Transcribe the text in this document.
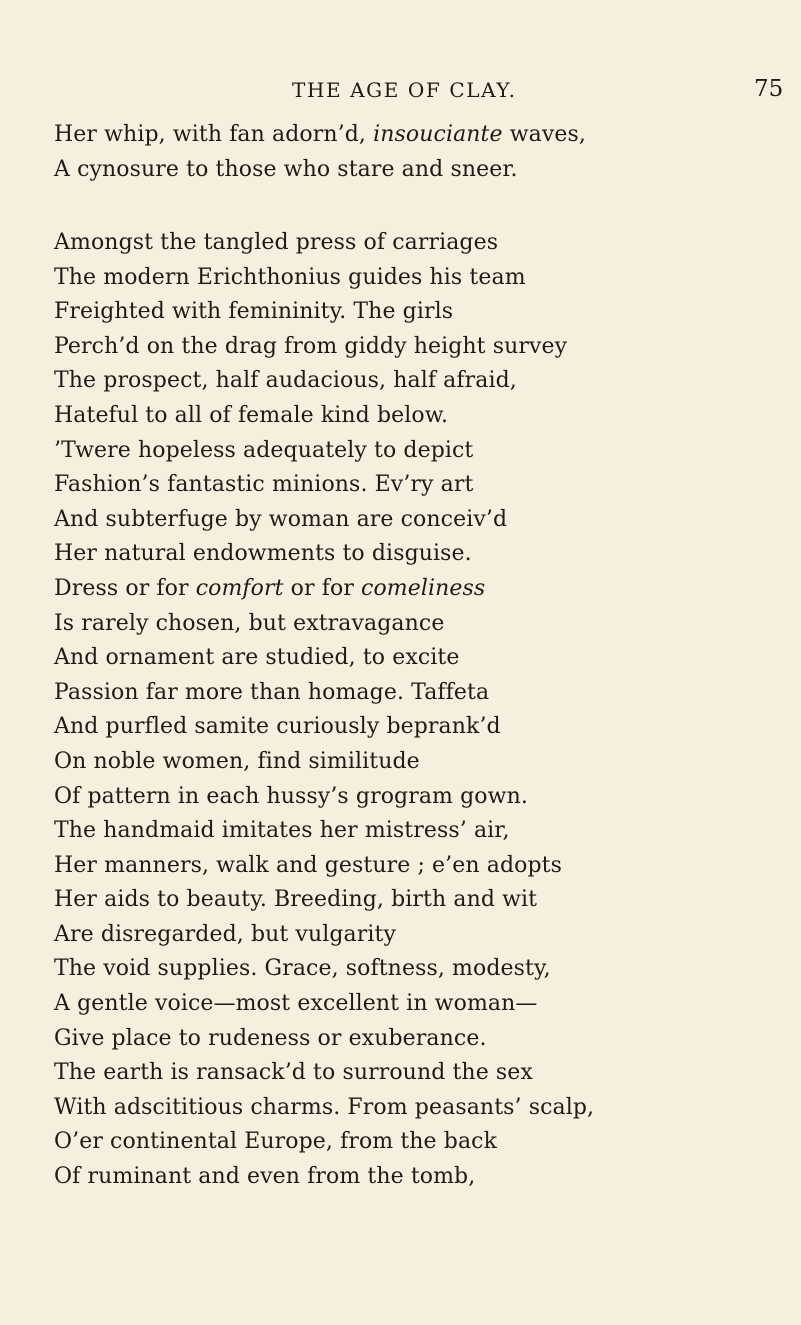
THE AGE OF CLAY.	75
Her whip, with fan adorn’d, insouciante waves,
A cynosure to those who stare and sneer.
Amongst the tangled press of carriages
The modern Erichthonius guides his team
Freighted with femininity. The girls
Perch’d on the drag from giddy height survey
The prospect, half audacious, half afraid,
Hateful to all of female kind below.
’Twere hopeless adequately to depict
Fashion’s fantastic minions. Ev’ry art
And subterfuge by woman are conceiv’d
Her natural endowments to disguise.
Dress or for comfort or for comeliness
Is rarely chosen, but extravagance
And ornament are studied, to excite
Passion far more than homage. Taffeta
And purfled samite curiously beprank’d
On noble women, find similitude
Of pattern in each hussy’s grogram gown.
The handmaid imitates her mistress’ air,
Her manners, walk and gesture ; e’en adopts
Her aids to beauty. Breeding, birth and wit
Are disregarded, but vulgarity
The void supplies. Grace, softness, modesty,
A gentle voice—most excellent in woman—
Give place to rudeness or exuberance.
The earth is ransack’d to surround the sex
With adscititious charms. From peasants’ scalp,
O’er continental Europe, from the back
Of ruminant and even from the tomb,
